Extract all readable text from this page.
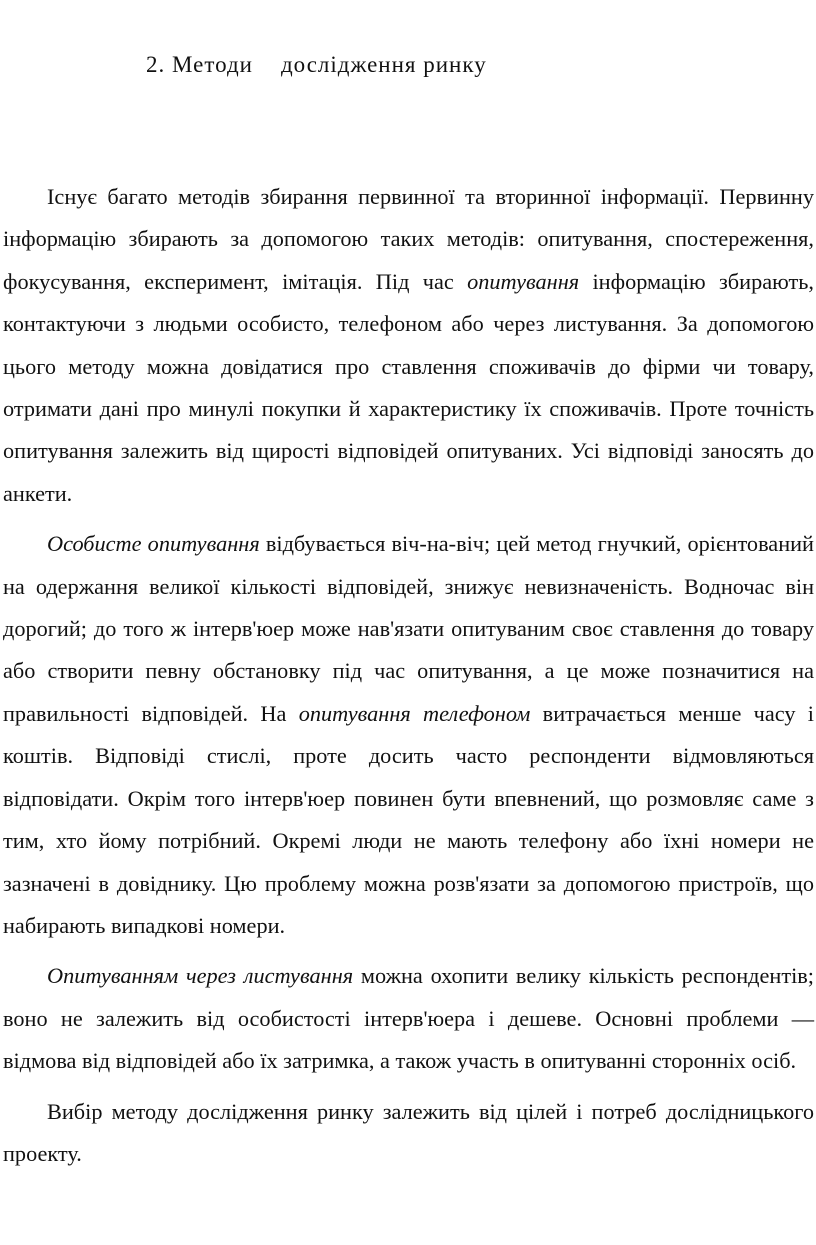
2. Методи дослідження ринку

Існує багато методів збирання первинної та вторинної інформації. Первинну інформацію збирають за допомогою таких методів: опитування, спостереження, фокусування, експеримент, імітація. Під час опитування інформацію збирають, контактуючи з людьми особисто, телефоном або через листування. За допомогою цього методу можна довідатися про ставлення споживачів до фірми чи товару, отримати дані про минулі покупки й характеристику їх споживачів. Проте точність опитування залежить від щирості відповідей опитуваних. Усі відповіді заносять до анкети.

Особисте опитування відбувається віч-на-віч; цей метод гнучкий, орієнтований на одержання великої кількості відповідей, знижує невизначеність. Водночас він дорогий; до того ж інтерв'юер може нав'язати опитуваним своє ставлення до товару або створити певну обстановку під час опитування, а це може позначитися на правильності відповідей. На опитування телефоном витрачається менше часу і коштів. Відповіді стислі, проте досить часто респонденти відмовляються відповідати. Окрім того інтерв'юер повинен бути впевнений, що розмовляє саме з тим, хто йому потрібний. Окремі люди не мають телефону або їхні номери не зазначені в довіднику. Цю проблему можна розв'язати за допомогою пристроїв, що набирають випадкові номери.

Опитуванням через листування можна охопити велику кількість респондентів; воно не залежить від особистості інтерв'юера і дешеве. Основні проблеми — відмова від відповідей або їх затримка, а також участь в опитуванні сторонніх осіб.

Вибір методу дослідження ринку залежить від цілей і потреб дослідницького проекту.
